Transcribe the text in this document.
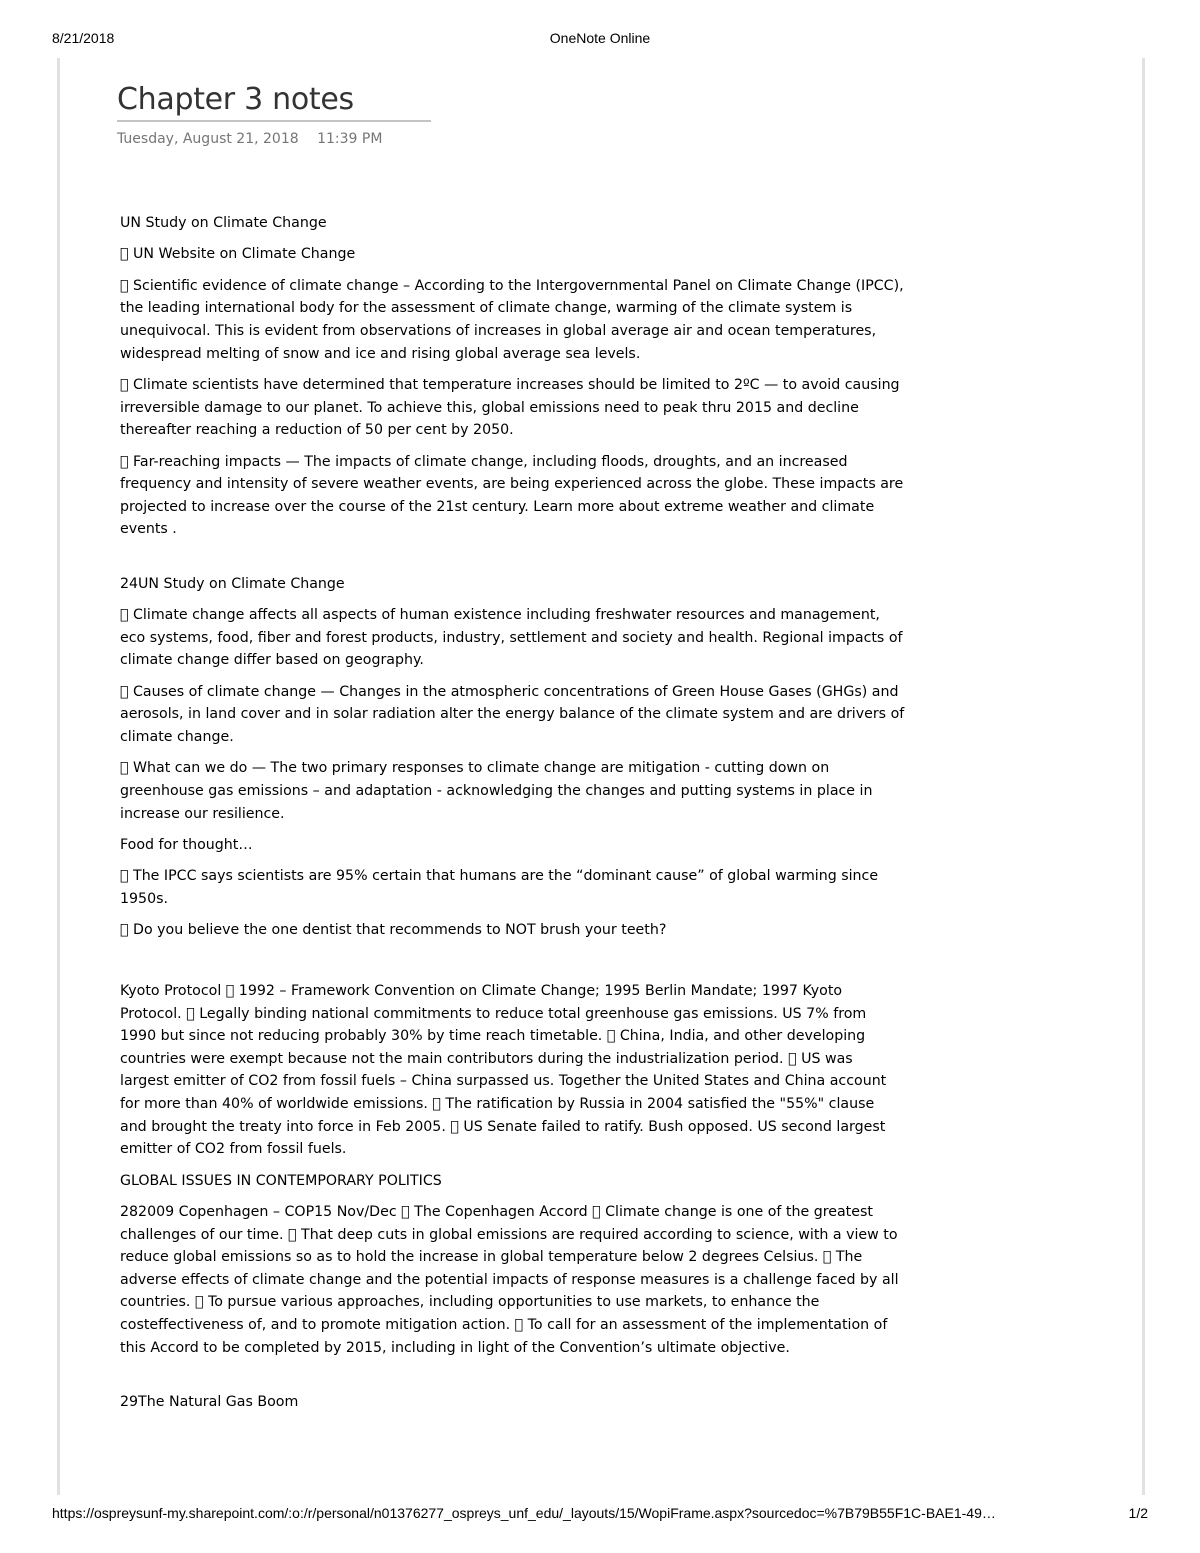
8/21/2018	OneNote Online
Chapter 3 notes
Tuesday, August 21, 2018 11:39 PM

UN Study on Climate Change

UN Website on Climate Change

Scientific evidence of climate change – According to the Intergovernmental Panel on Climate Change (IPCC), the leading international body for the assessment of climate change, warming of the climate system is unequivocal. This is evident from observations of increases in global average air and ocean temperatures, widespread melting of snow and ice and rising global average sea levels.

Climate scientists have determined that temperature increases should be limited to 2ºC — to avoid causing irreversible damage to our planet. To achieve this, global emissions need to peak thru 2015 and decline thereafter reaching a reduction of 50 per cent by 2050.

Far-reaching impacts — The impacts of climate change, including floods, droughts, and an increased frequency and intensity of severe weather events, are being experienced across the globe. These impacts are projected to increase over the course of the 21st century. Learn more about extreme weather and climate events .

24UN Study on Climate Change

Climate change affects all aspects of human existence including freshwater resources and management, eco systems, food, fiber and forest products, industry, settlement and society and health. Regional impacts of climate change differ based on geography.

Causes of climate change — Changes in the atmospheric concentrations of Green House Gases (GHGs) and aerosols, in land cover and in solar radiation alter the energy balance of the climate system and are drivers of climate change.

What can we do — The two primary responses to climate change are mitigation - cutting down on greenhouse gas emissions – and adaptation - acknowledging the changes and putting systems in place in increase our resilience.

Food for thought…

The IPCC says scientists are 95% certain that humans are the “dominant cause” of global warming since 1950s.

Do you believe the one dentist that recommends to NOT brush your teeth?

Kyoto Protocol 1992 – Framework Convention on Climate Change; 1995 Berlin Mandate; 1997 Kyoto Protocol. Legally binding national commitments to reduce total greenhouse gas emissions. US 7% from 1990 but since not reducing probably 30% by time reach timetable. China, India, and other developing countries were exempt because not the main contributors during the industrialization period. US was largest emitter of CO2 from fossil fuels – China surpassed us. Together the United States and China account for more than 40% of worldwide emissions. The ratification by Russia in 2004 satisfied the "55%" clause and brought the treaty into force in Feb 2005. US Senate failed to ratify. Bush opposed. US second largest emitter of CO2 from fossil fuels.

GLOBAL ISSUES IN CONTEMPORARY POLITICS

282009 Copenhagen – COP15 Nov/Dec The Copenhagen Accord Climate change is one of the greatest challenges of our time. That deep cuts in global emissions are required according to science, with a view to reduce global emissions so as to hold the increase in global temperature below 2 degrees Celsius. The adverse effects of climate change and the potential impacts of response measures is a challenge faced by all countries. To pursue various approaches, including opportunities to use markets, to enhance the costeffectiveness of, and to promote mitigation action. To call for an assessment of the implementation of this Accord to be completed by 2015, including in light of the Convention’s ultimate objective.

29The Natural Gas Boom

https://ospreysunf-my.sharepoint.com/:o:/r/personal/n01376277_ospreys_unf_edu/_layouts/15/WopiFrame.aspx?sourcedoc=%7B79B55F1C-BAE1-49…	1/2
